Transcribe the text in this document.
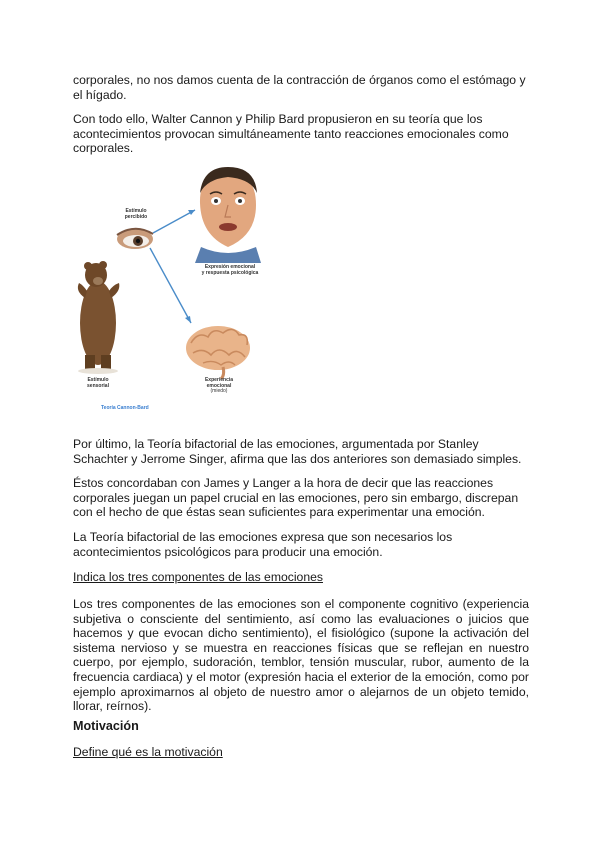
corporales, no nos damos cuenta de la contracción de órganos como el estómago y
el hígado.

Con todo ello, Walter Cannon y Philip Bard propusieron en su teoría que los
acontecimientos provocan simultáneamente tanto reacciones emocionales como
corporales.

Estímulo
percibido
Expresión emocional
y respuesta psicológica
Estímulo
sensorial
Experiencia
emocional
(miedo)
Teoría Cannon-Bard

Por último, la Teoría bifactorial de las emociones, argumentada por Stanley
Schachter y Jerrome Singer, afirma que las dos anteriores son demasiado simples.

Éstos concordaban con James y Langer a la hora de decir que las reacciones
corporales juegan un papel crucial en las emociones, pero sin embargo, discrepan
con el hecho de que éstas sean suficientes para experimentar una emoción.

La Teoría bifactorial de las emociones expresa que son necesarios los
acontecimientos psicológicos para producir una emoción.

Indica los tres componentes de las emociones

Los tres componentes de las emociones son el componente cognitivo (experiencia
subjetiva o consciente del sentimiento, así como las evaluaciones o juicios que
hacemos y que evocan dicho sentimiento), el fisiológico (supone la activación del
sistema nervioso y se muestra en reacciones físicas que se reflejan en nuestro
cuerpo, por ejemplo, sudoración, temblor, tensión muscular, rubor, aumento de la
frecuencia cardiaca) y el motor (expresión hacia el exterior de la emoción, como por
ejemplo aproximarnos al objeto de nuestro amor o alejarnos de un objeto temido,
llorar, reírnos).

Motivación

Define qué es la motivación
